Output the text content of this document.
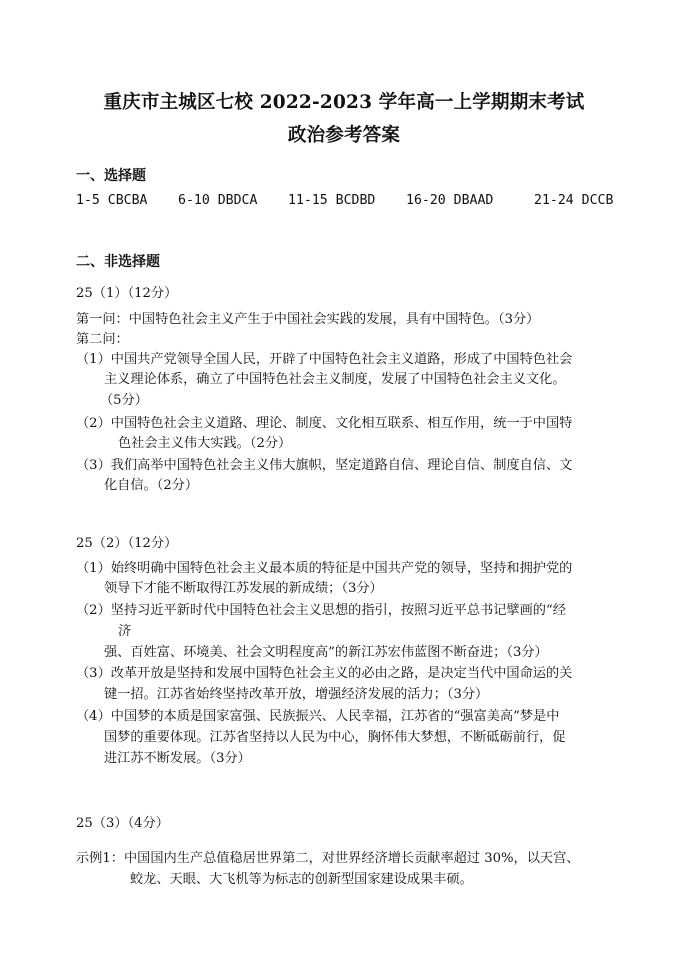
重庆市主城区七校 2022-2023 学年高一上学期期末考试
政治参考答案
一、选择题
1-5 CBCBA 6-10 DBDCA 11-15 BCDBD 16-20 DBAAD	21-24 DCCB
二、非选择题
25（1）（12分）
第一问：中国特色社会主义产生于中国社会实践的发展，具有中国特色。（3分）
第二问：
（1）中国共产党领导全国人民，开辟了中国特色社会主义道路，形成了中国特色社会
主义理论体系，确立了中国特色社会主义制度，发展了中国特色社会主义文化。
（5分）
（2）中国特色社会主义道路、理论、制度、文化相互联系、相互作用，统一于中国特
色社会主义伟大实践。（2分）
（3）我们高举中国特色社会主义伟大旗帜，坚定道路自信、理论自信、制度自信、文
化自信。（2分）
25（2）（12分）
（1）始终明确中国特色社会主义最本质的特征是中国共产党的领导，坚持和拥护党的
领导下才能不断取得江苏发展的新成绩；（3分）
（2）坚持习近平新时代中国特色社会主义思想的指引，按照习近平总书记擘画的“经
济
强、百姓富、环境美、社会文明程度高”的新江苏宏伟蓝图不断奋进；（3分）
（3）改革开放是坚持和发展中国特色社会主义的必由之路，是决定当代中国命运的关
键一招。江苏省始终坚持改革开放，增强经济发展的活力；（3分）
（4）中国梦的本质是国家富强、民族振兴、人民幸福，江苏省的“强富美高”梦是中
国梦的重要体现。江苏省坚持以人民为中心，胸怀伟大梦想，不断砥砺前行，促
进江苏不断发展。（3分）
25（3）（4分）
示例1：中国国内生产总值稳居世界第二，对世界经济增长贡献率超过 30%，以天宫、
蛟龙、天眼、大飞机等为标志的创新型国家建设成果丰硕。
